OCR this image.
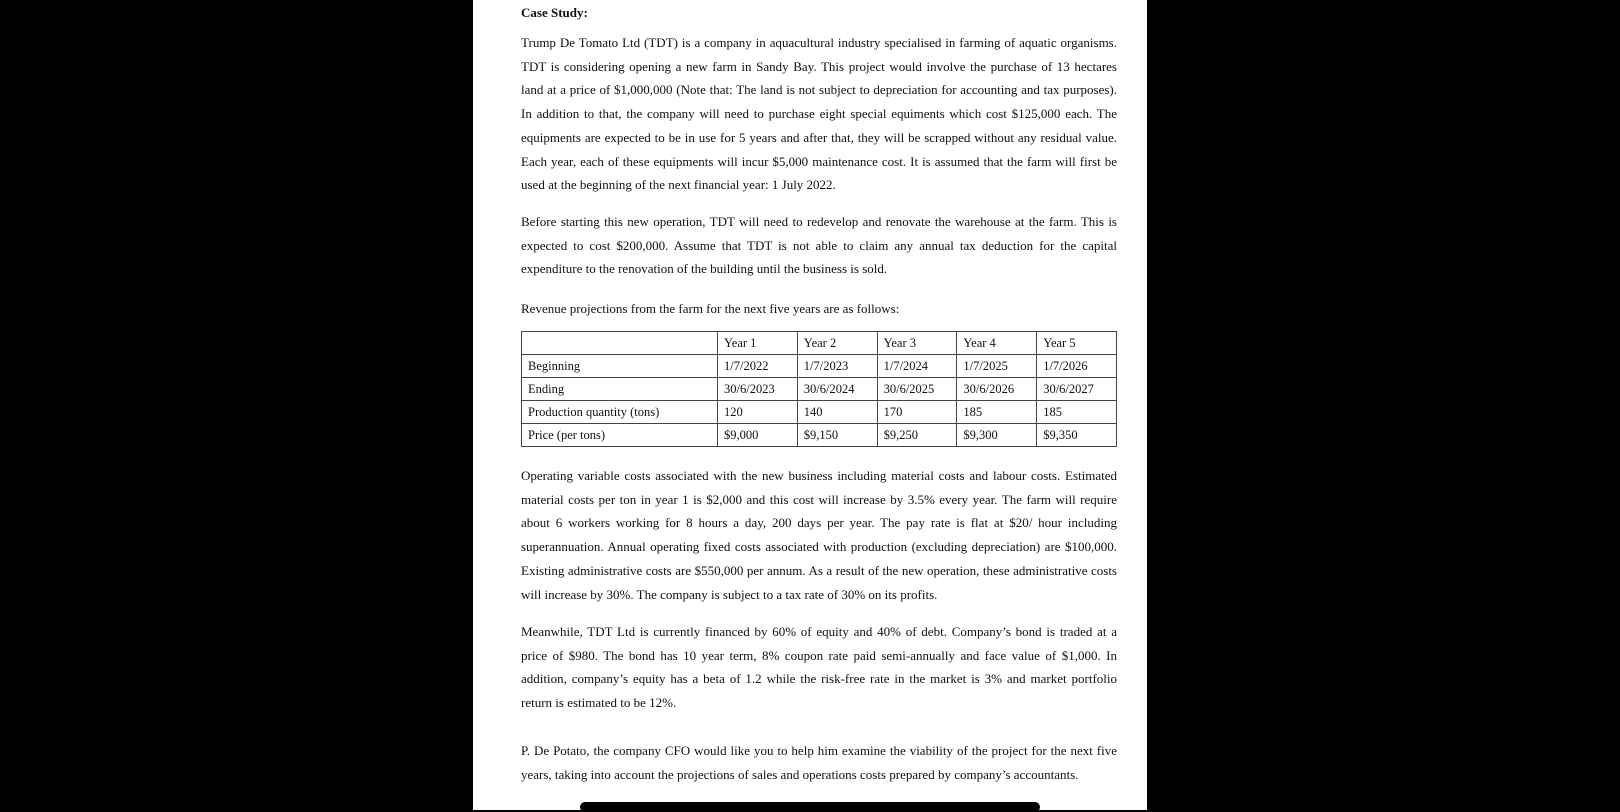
Case Study:

Trump De Tomato Ltd (TDT) is a company in aquacultural industry specialised in farming of aquatic organisms. TDT is considering opening a new farm in Sandy Bay. This project would involve the purchase of 13 hectares land at a price of $1,000,000 (Note that: The land is not subject to depreciation for accounting and tax purposes). In addition to that, the company will need to purchase eight special equiments which cost $125,000 each. The equipments are expected to be in use for 5 years and after that, they will be scrapped without any residual value. Each year, each of these equipments will incur $5,000 maintenance cost. It is assumed that the farm will first be used at the beginning of the next financial year: 1 July 2022.

Before starting this new operation, TDT will need to redevelop and renovate the warehouse at the farm. This is expected to cost $200,000. Assume that TDT is not able to claim any annual tax deduction for the capital expenditure to the renovation of the building until the business is sold.

Revenue projections from the farm for the next five years are as follows:

	Year 1	Year 2	Year 3	Year 4	Year 5
Beginning	1/7/2022	1/7/2023	1/7/2024	1/7/2025	1/7/2026
Ending	30/6/2023	30/6/2024	30/6/2025	30/6/2026	30/6/2027
Production quantity (tons)	120	140	170	185	185
Price (per tons)	$9,000	$9,150	$9,250	$9,300	$9,350

Operating variable costs associated with the new business including material costs and labour costs. Estimated material costs per ton in year 1 is $2,000 and this cost will increase by 3.5% every year. The farm will require about 6 workers working for 8 hours a day, 200 days per year. The pay rate is flat at $20/ hour including superannuation. Annual operating fixed costs associated with production (excluding depreciation) are $100,000. Existing administrative costs are $550,000 per annum. As a result of the new operation, these administrative costs will increase by 30%. The company is subject to a tax rate of 30% on its profits.

Meanwhile, TDT Ltd is currently financed by 60% of equity and 40% of debt. Company’s bond is traded at a price of $980. The bond has 10 year term, 8% coupon rate paid semi-annually and face value of $1,000. In addition, company’s equity has a beta of 1.2 while the risk-free rate in the market is 3% and market portfolio return is estimated to be 12%.

P. De Potato, the company CFO would like you to help him examine the viability of the project for the next five years, taking into account the projections of sales and operations costs prepared by company’s accountants.
